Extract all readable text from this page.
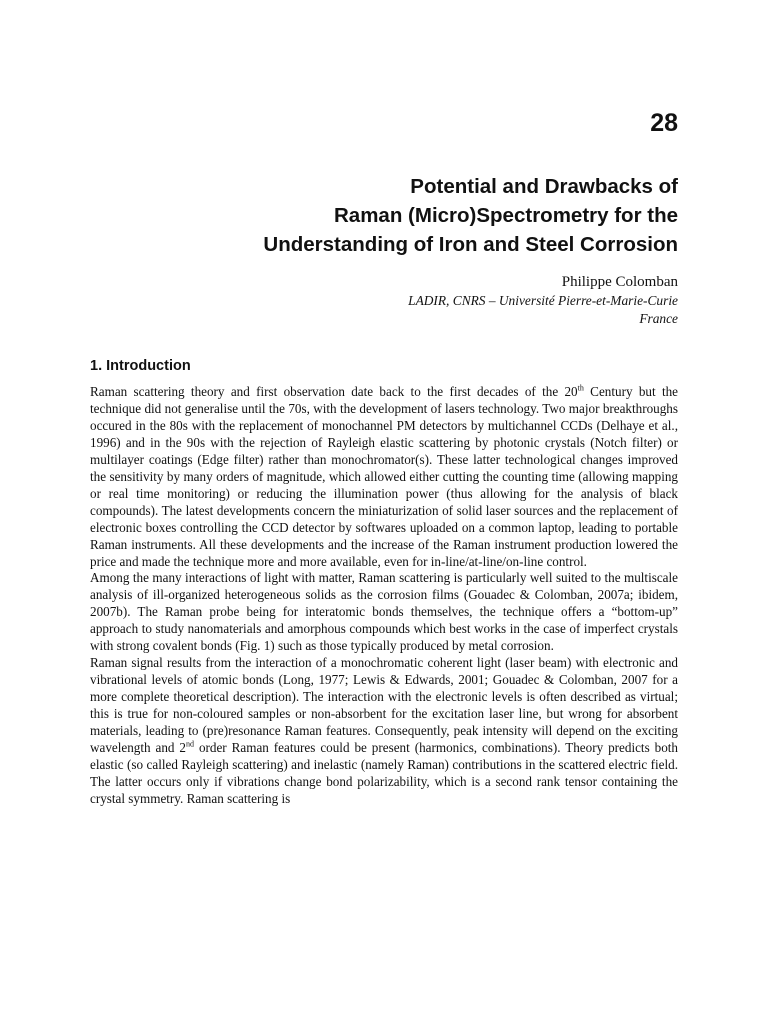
28
Potential and Drawbacks of
Raman (Micro)Spectrometry for the
Understanding of Iron and Steel Corrosion
Philippe Colomban
LADIR, CNRS – Université Pierre-et-Marie-Curie
France
1. Introduction

Raman scattering theory and first observation date back to the first decades of the 20th Century but the technique did not generalise until the 70s, with the development of lasers technology. Two major breakthroughs occured in the 80s with the replacement of monochannel PM detectors by multichannel CCDs (Delhaye et al., 1996) and in the 90s with the rejection of Rayleigh elastic scattering by photonic crystals (Notch filter) or multilayer coatings (Edge filter) rather than monochromator(s). These latter technological changes improved the sensitivity by many orders of magnitude, which allowed either cutting the counting time (allowing mapping or real time monitoring) or reducing the illumination power (thus allowing for the analysis of black compounds). The latest developments concern the miniaturization of solid laser sources and the replacement of electronic boxes controlling the CCD detector by softwares uploaded on a common laptop, leading to portable Raman instruments. All these developments and the increase of the Raman instrument production lowered the price and made the technique more and more available, even for in-line/at-line/on-line control.

Among the many interactions of light with matter, Raman scattering is particularly well suited to the multiscale analysis of ill-organized heterogeneous solids as the corrosion films (Gouadec & Colomban, 2007a; ibidem, 2007b). The Raman probe being for interatomic bonds themselves, the technique offers a “bottom-up” approach to study nanomaterials and amorphous compounds which best works in the case of imperfect crystals with strong covalent bonds (Fig. 1) such as those typically produced by metal corrosion.

Raman signal results from the interaction of a monochromatic coherent light (laser beam) with electronic and vibrational levels of atomic bonds (Long, 1977; Lewis & Edwards, 2001; Gouadec & Colomban, 2007 for a more complete theoretical description). The interaction with the electronic levels is often described as virtual; this is true for non-coloured samples or non-absorbent for the excitation laser line, but wrong for absorbent materials, leading to (pre)resonance Raman features. Consequently, peak intensity will depend on the exciting wavelength and 2nd order Raman features could be present (harmonics, combinations). Theory predicts both elastic (so called Rayleigh scattering) and inelastic (namely Raman) contributions in the scattered electric field. The latter occurs only if vibrations change bond polarizability, which is a second rank tensor containing the crystal symmetry. Raman scattering is
